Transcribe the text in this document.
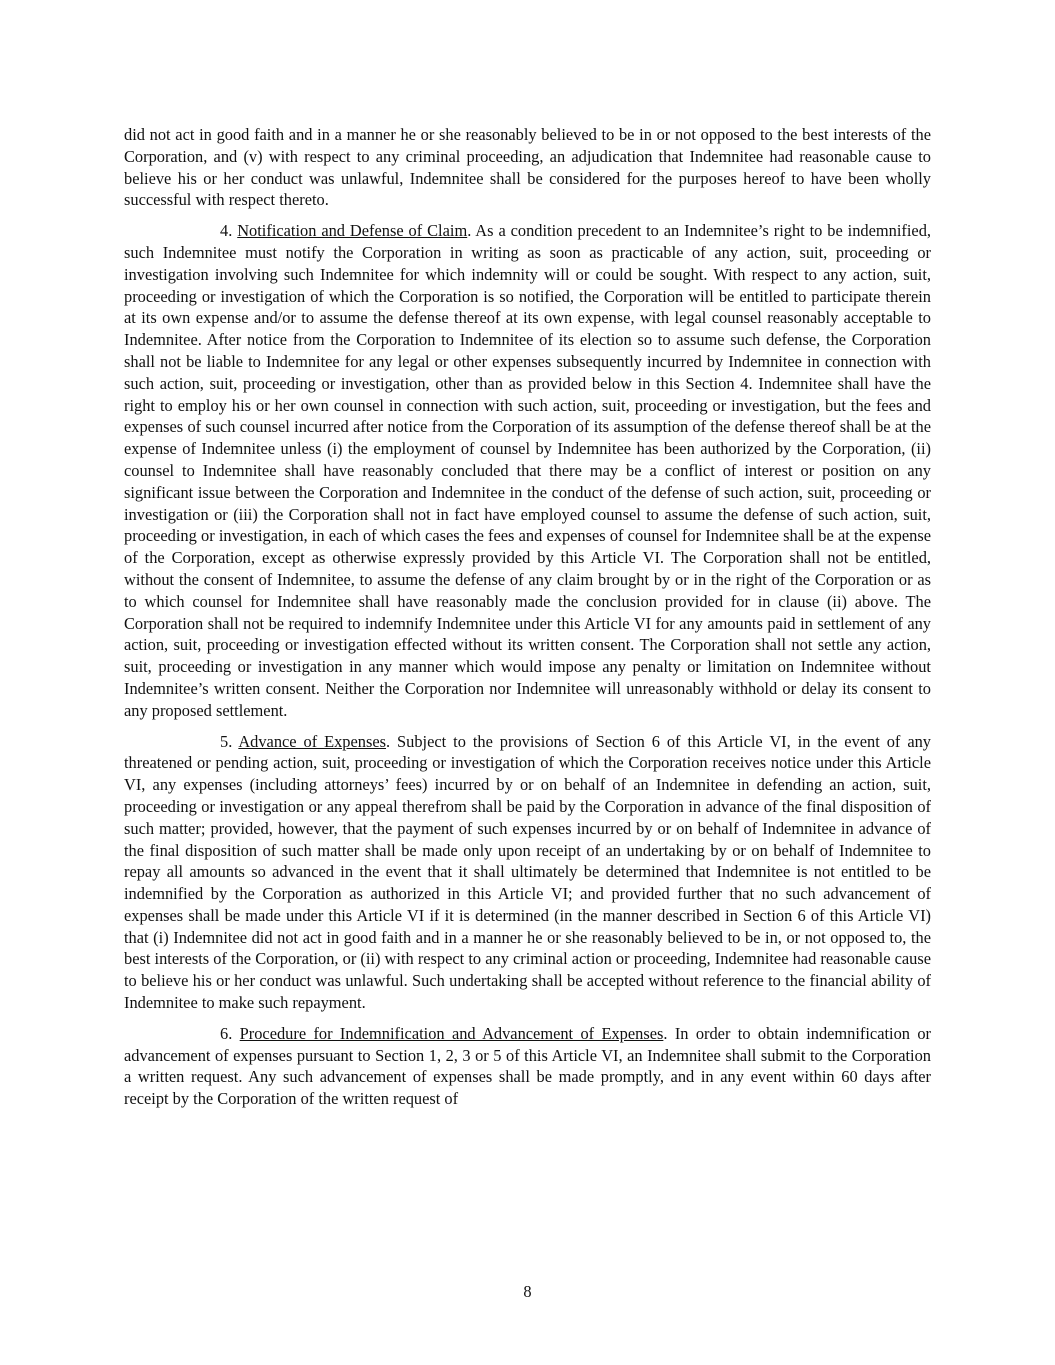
did not act in good faith and in a manner he or she reasonably believed to be in or not opposed to the best interests of the Corporation, and (v) with respect to any criminal proceeding, an adjudication that Indemnitee had reasonable cause to believe his or her conduct was unlawful, Indemnitee shall be considered for the purposes hereof to have been wholly successful with respect thereto.

4. Notification and Defense of Claim. As a condition precedent to an Indemnitee’s right to be indemnified, such Indemnitee must notify the Corporation in writing as soon as practicable of any action, suit, proceeding or investigation involving such Indemnitee for which indemnity will or could be sought. With respect to any action, suit, proceeding or investigation of which the Corporation is so notified, the Corporation will be entitled to participate therein at its own expense and/or to assume the defense thereof at its own expense, with legal counsel reasonably acceptable to Indemnitee. After notice from the Corporation to Indemnitee of its election so to assume such defense, the Corporation shall not be liable to Indemnitee for any legal or other expenses subsequently incurred by Indemnitee in connection with such action, suit, proceeding or investigation, other than as provided below in this Section 4. Indemnitee shall have the right to employ his or her own counsel in connection with such action, suit, proceeding or investigation, but the fees and expenses of such counsel incurred after notice from the Corporation of its assumption of the defense thereof shall be at the expense of Indemnitee unless (i) the employment of counsel by Indemnitee has been authorized by the Corporation, (ii) counsel to Indemnitee shall have reasonably concluded that there may be a conflict of interest or position on any significant issue between the Corporation and Indemnitee in the conduct of the defense of such action, suit, proceeding or investigation or (iii) the Corporation shall not in fact have employed counsel to assume the defense of such action, suit, proceeding or investigation, in each of which cases the fees and expenses of counsel for Indemnitee shall be at the expense of the Corporation, except as otherwise expressly provided by this Article VI. The Corporation shall not be entitled, without the consent of Indemnitee, to assume the defense of any claim brought by or in the right of the Corporation or as to which counsel for Indemnitee shall have reasonably made the conclusion provided for in clause (ii) above. The Corporation shall not be required to indemnify Indemnitee under this Article VI for any amounts paid in settlement of any action, suit, proceeding or investigation effected without its written consent. The Corporation shall not settle any action, suit, proceeding or investigation in any manner which would impose any penalty or limitation on Indemnitee without Indemnitee’s written consent. Neither the Corporation nor Indemnitee will unreasonably withhold or delay its consent to any proposed settlement.

5. Advance of Expenses. Subject to the provisions of Section 6 of this Article VI, in the event of any threatened or pending action, suit, proceeding or investigation of which the Corporation receives notice under this Article VI, any expenses (including attorneys’ fees) incurred by or on behalf of an Indemnitee in defending an action, suit, proceeding or investigation or any appeal therefrom shall be paid by the Corporation in advance of the final disposition of such matter; provided, however, that the payment of such expenses incurred by or on behalf of Indemnitee in advance of the final disposition of such matter shall be made only upon receipt of an undertaking by or on behalf of Indemnitee to repay all amounts so advanced in the event that it shall ultimately be determined that Indemnitee is not entitled to be indemnified by the Corporation as authorized in this Article VI; and provided further that no such advancement of expenses shall be made under this Article VI if it is determined (in the manner described in Section 6 of this Article VI) that (i) Indemnitee did not act in good faith and in a manner he or she reasonably believed to be in, or not opposed to, the best interests of the Corporation, or (ii) with respect to any criminal action or proceeding, Indemnitee had reasonable cause to believe his or her conduct was unlawful. Such undertaking shall be accepted without reference to the financial ability of Indemnitee to make such repayment.

6. Procedure for Indemnification and Advancement of Expenses. In order to obtain indemnification or advancement of expenses pursuant to Section 1, 2, 3 or 5 of this Article VI, an Indemnitee shall submit to the Corporation a written request. Any such advancement of expenses shall be made promptly, and in any event within 60 days after receipt by the Corporation of the written request of

8
